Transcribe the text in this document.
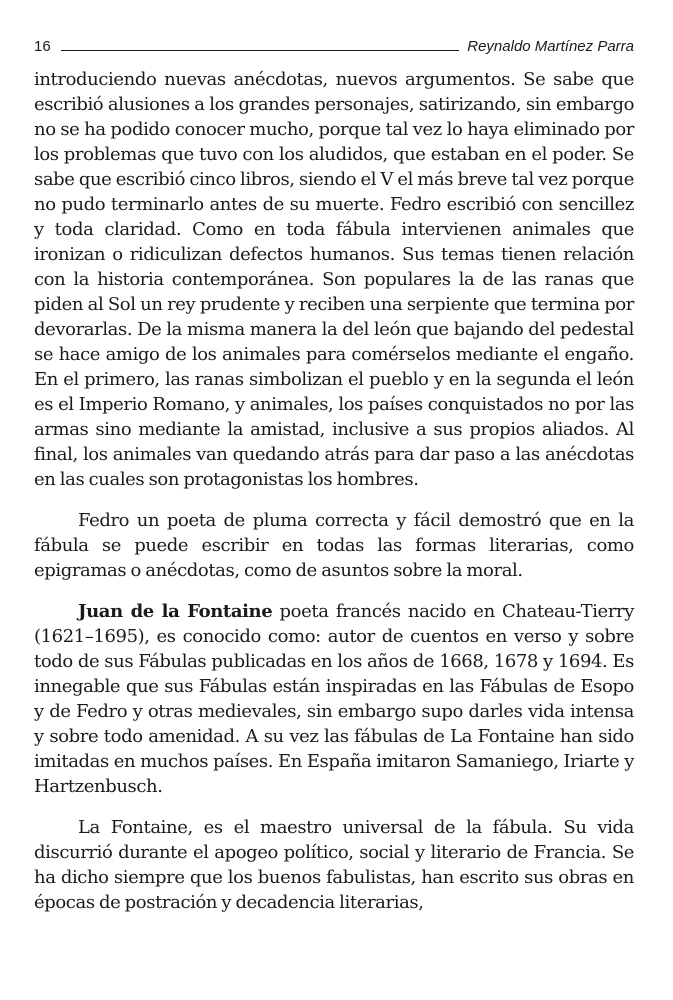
16	Reynaldo Martínez Parra

introduciendo nuevas anécdotas, nuevos argumentos. Se sabe que escribió alusiones a los grandes personajes, satirizando, sin embargo no se ha podido conocer mucho, porque tal vez lo haya eliminado por los problemas que tuvo con los aludidos, que estaban en el poder. Se sabe que escribió cinco libros, siendo el V el más breve tal vez porque no pudo terminarlo antes de su muerte. Fedro escribió con sencillez y toda claridad. Como en toda fábula intervienen animales que ironizan o ridiculizan defectos humanos. Sus temas tienen relación con la historia contemporánea. Son populares la de las ranas que piden al Sol un rey prudente y reciben una serpiente que termina por devorarlas. De la misma manera la del león que bajando del pedestal se hace amigo de los animales para comérselos mediante el engaño. En el primero, las ranas simbolizan el pueblo y en la segunda el león es el Imperio Romano, y animales, los países conquistados no por las armas sino mediante la amistad, inclusive a sus propios aliados. Al final, los animales van quedando atrás para dar paso a las anécdotas en las cuales son protagonistas los hombres.

Fedro un poeta de pluma correcta y fácil demostró que en la fábula se puede escribir en todas las formas literarias, como epigramas o anécdotas, como de asuntos sobre la moral.

Juan de la Fontaine poeta francés nacido en Chateau-Tierry (1621–1695), es conocido como: autor de cuentos en verso y sobre todo de sus Fábulas publicadas en los años de 1668, 1678 y 1694. Es innegable que sus Fábulas están inspiradas en las Fábulas de Esopo y de Fedro y otras medievales, sin embargo supo darles vida intensa y sobre todo amenidad. A su vez las fábulas de La Fontaine han sido imitadas en muchos países. En España imitaron Samaniego, Iriarte y Hartzenbusch.

La Fontaine, es el maestro universal de la fábula. Su vida discurrió durante el apogeo político, social y literario de Francia. Se ha dicho siempre que los buenos fabulistas, han escrito sus obras en épocas de postración y decadencia literarias,
